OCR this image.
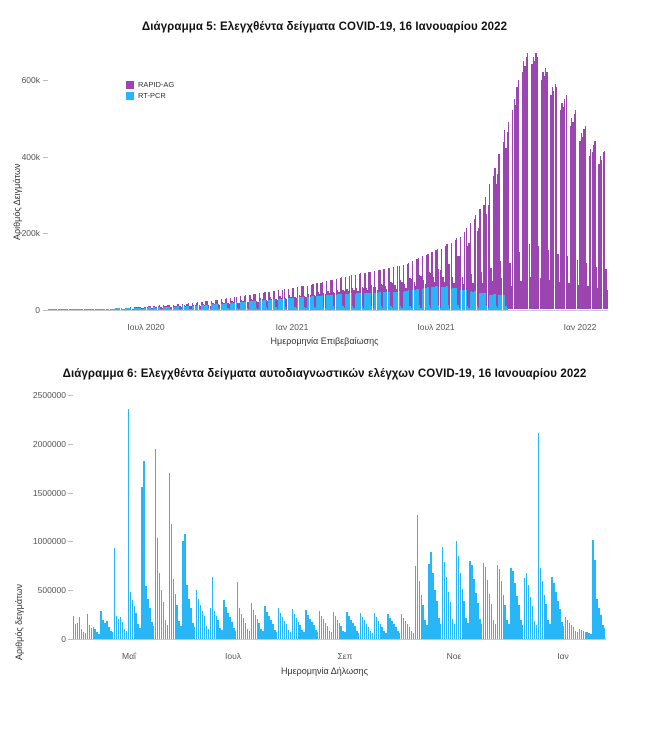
Διάγραμμα 5: Ελεγχθέντα δείγματα COVID-19, 16 Ιανουαρίου 2022
Αριθμός Δειγμάτων
0
200k
400k
600k	RAPID-AG
RT-PCR
Ιουλ 2020	Ιαν 2021	Ιουλ 2021	Ιαν 2022
Ημερομηνία Επιβεβαίωσης
Διάγραμμα 6: Ελεγχθέντα δείγματα αυτοδιαγνωστικών ελέγχων COVID-19, 16 Ιανουαρίου 2022
Αριθμός δειγμάτων	0
500000
1000000
1500000
2000000
2500000
Μαΐ	Ιουλ	Σεπ	Νοε	Ιαν
Ημερομηνία Δήλωσης
